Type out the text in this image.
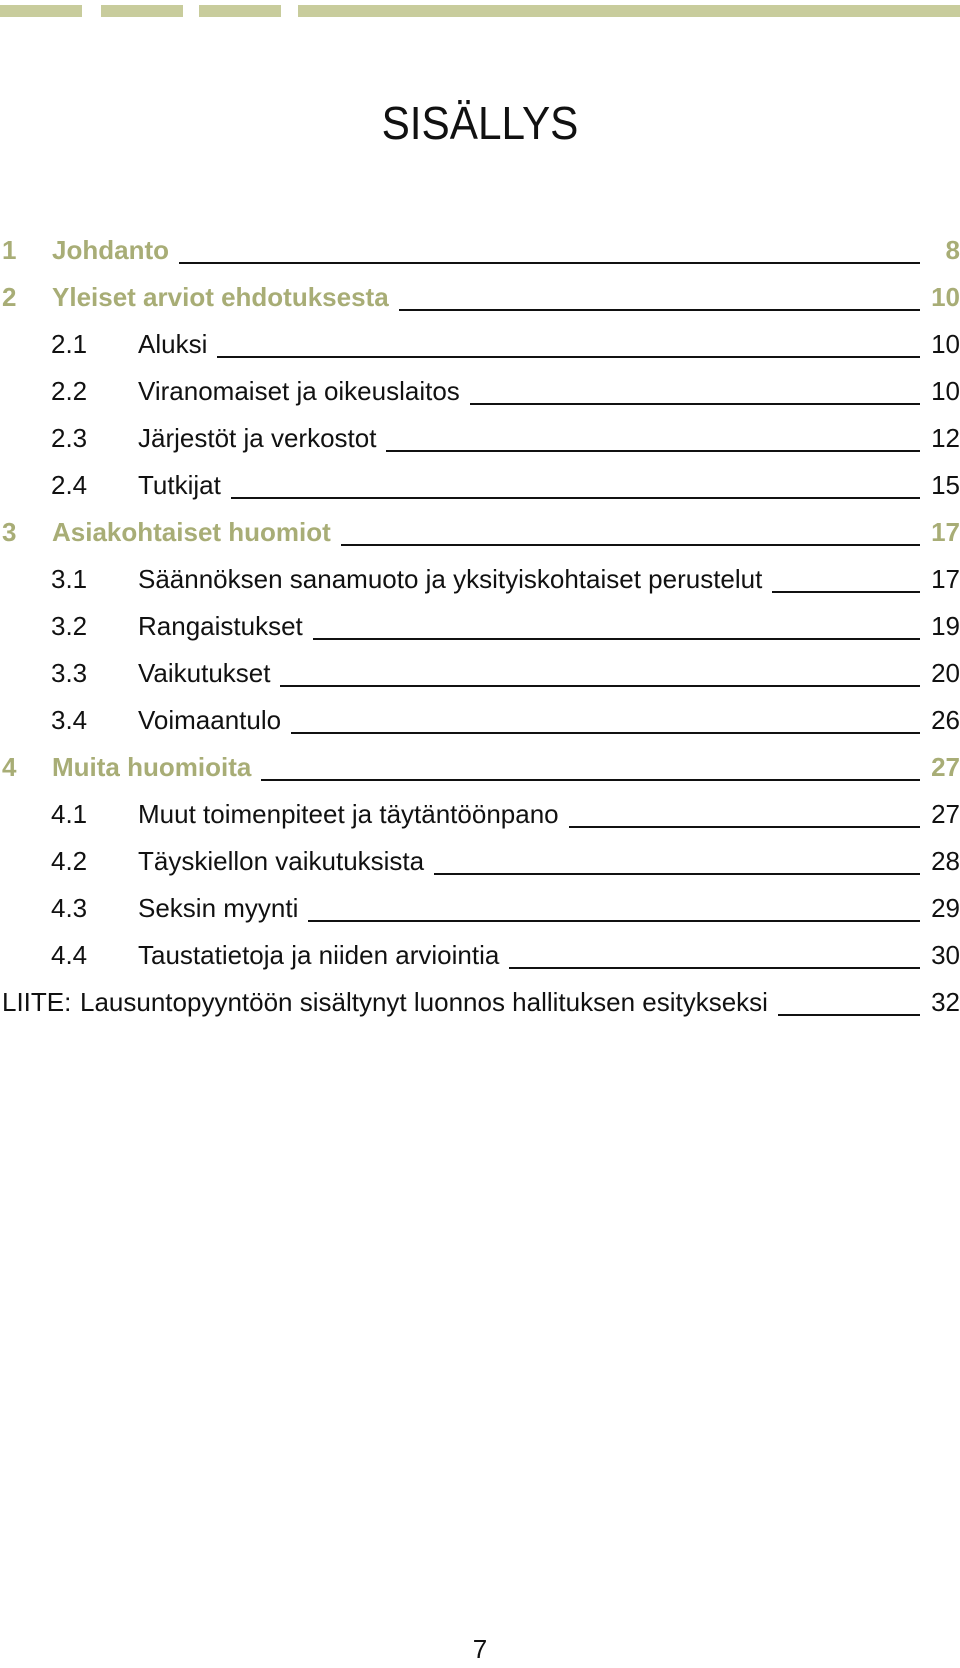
SISÄLLYS
1 Johdanto	8
2 Yleiset arviot ehdotuksesta	10
2.1 Aluksi	10
2.2 Viranomaiset ja oikeuslaitos	10
2.3 Järjestöt ja verkostot	12
2.4 Tutkijat	15
3 Asiakohtaiset huomiot	17
3.1 Säännöksen sanamuoto ja yksityiskohtaiset perustelut	17
3.2 Rangaistukset	19
3.3 Vaikutukset	20
3.4 Voimaantulo	26
4 Muita huomioita	27
4.1 Muut toimenpiteet ja täytäntöönpano	27
4.2 Täyskiellon vaikutuksista	28
4.3 Seksin myynti	29
4.4 Taustatietoja ja niiden arviointia	30
LIITE: Lausuntopyyntöön sisältynyt luonnos hallituksen esitykseksi	32
7
